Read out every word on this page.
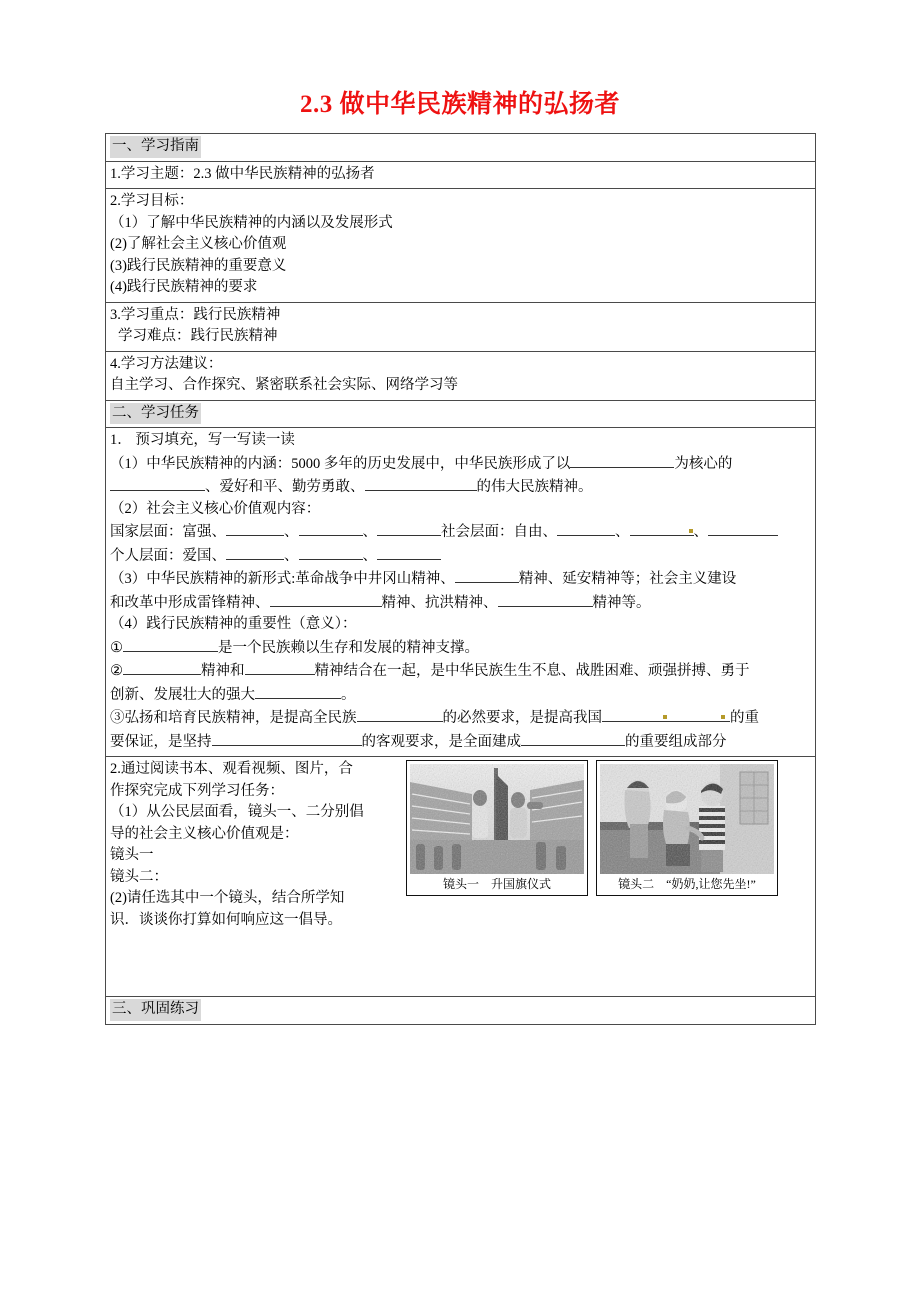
2.3 做中华民族精神的弘扬者
一、学习指南
1.学习主题：2.3 做中华民族精神的弘扬者

2.学习目标：
（1）了解中华民族精神的内涵以及发展形式
(2)了解社会主义核心价值观
(3)践行民族精神的重要意义
(4)践行民族精神的要求

3.学习重点：践行民族精神
学习难点：践行民族精神

4.学习方法建议：
自主学习、合作探究、紧密联系社会实际、网络学习等

二、学习任务

1． 预习填充，写一写读一读
（1）中华民族精神的内涵：5000 多年的历史发展中，中华民族形成了以	为核心的
、爱好和平、勤劳勇敢、	的伟大民族精神。
（2）社会主义核心价值观内容：
国家层面：富强、	、	、	社会层面：自由、	、	、
个人层面：爱国、	、	、
（3）中华民族精神的新形式:革命战争中井冈山精神、	精神、延安精神等；社会主义建设
和改革中形成雷锋精神、	精神、抗洪精神、	精神等。
（4）践行民族精神的重要性（意义）：
①	是一个民族赖以生存和发展的精神支撑。
②	精神和	精神结合在一起，是中华民族生生不息、战胜困难、顽强拼搏、勇于
创新、发展壮大的强大	。
③弘扬和培育民族精神，是提高全民族	的必然要求，是提高我国	的重
要保证，是坚持	的客观要求，是全面建成	的重要组成部分

2.通过阅读书本、观看视频、图片，合
作探究完成下列学习任务：
（1）从公民层面看，镜头一、二分别倡
导的社会主义核心价值观是：
镜头一
镜头二：
(2)请任选其中一个镜头，结合所学知
识．谈谈你打算如何响应这一倡导。
镜头一　升国旗仪式	镜头二　“奶奶,让您先坐!”

三、巩固练习
